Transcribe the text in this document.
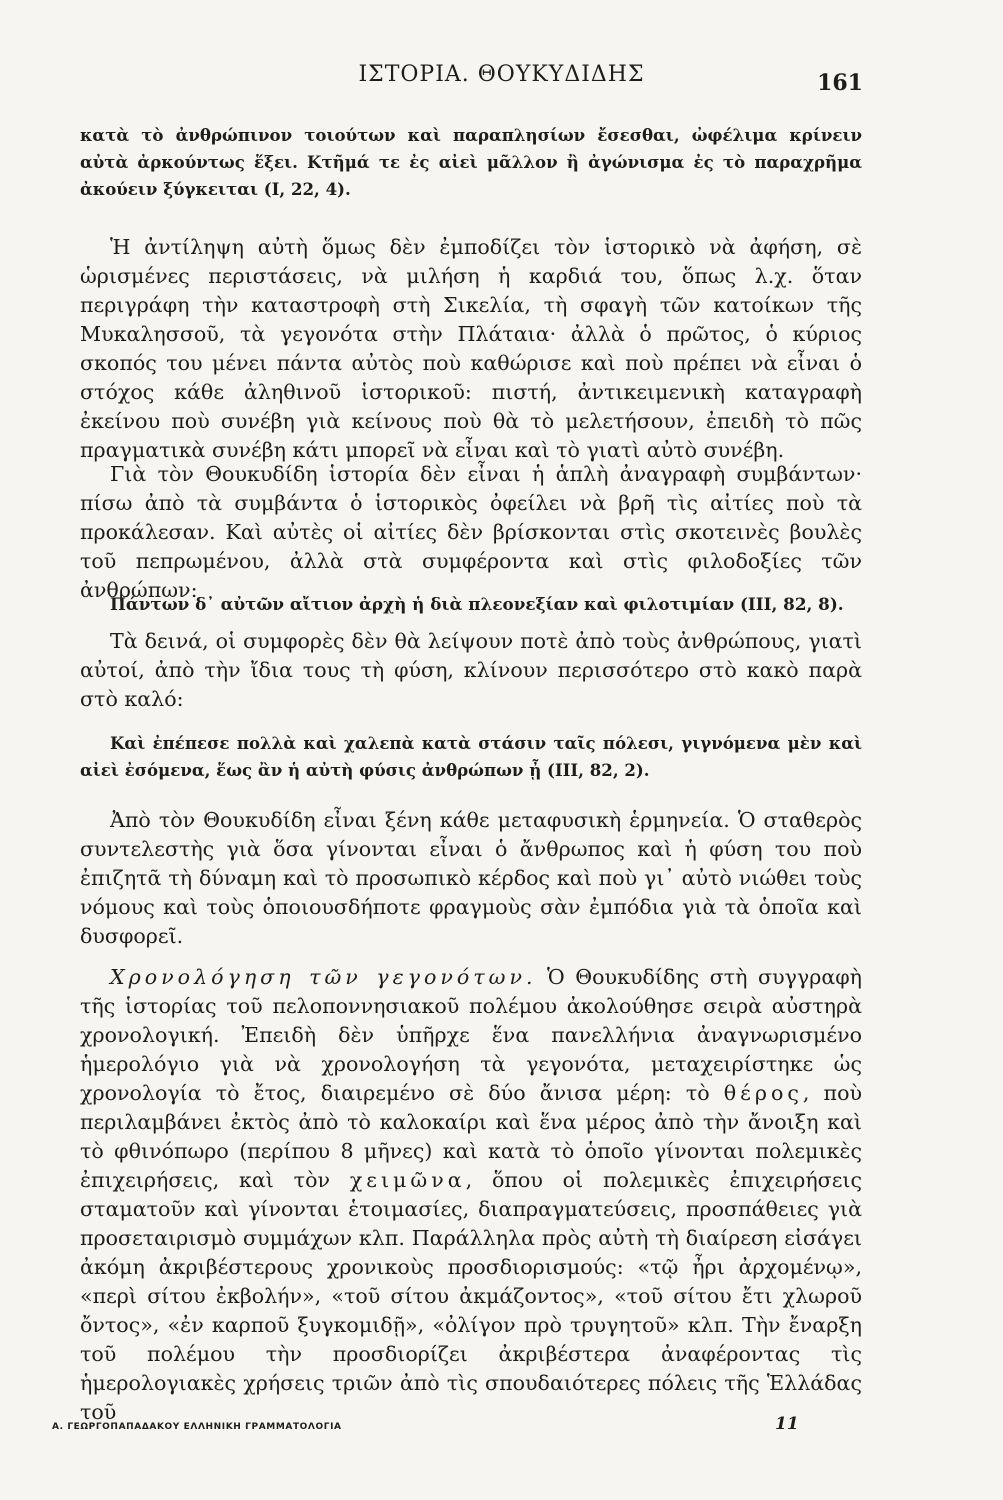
ΙΣΤΟΡΙΑ. ΘΟΥΚΥΔΙΔΗΣ	161
κατὰ τὸ ἀνθρώπινον τοιούτων καὶ παραπλησίων ἔσεσθαι, ὠφέλιμα κρίνειν αὐτὰ ἀρκούντως ἕξει. Κτῆμά τε ἐς αἰεὶ μᾶλλον ἢ ἀγώνισμα ἐς τὸ παραχρῆμα ἀκούειν ξύγκειται (Ι, 22, 4).

Ἡ ἀντίληψη αὐτὴ ὅμως δὲν ἐμποδίζει τὸν ἱστορικὸ νὰ ἀφήση, σὲ ὡρισμένες περιστάσεις, νὰ μιλήση ἡ καρδιά του, ὅπως λ.χ. ὅταν περιγράφη τὴν καταστροφὴ στὴ Σικελία, τὴ σφαγὴ τῶν κατοίκων τῆς Μυκαλησσοῦ, τὰ γεγονότα στὴν Πλάταια· ἀλλὰ ὁ πρῶτος, ὁ κύριος σκοπός του μένει πάντα αὐτὸς ποὺ καθώρισε καὶ ποὺ πρέπει νὰ εἶναι ὁ στόχος κάθε ἀληθινοῦ ἱστορικοῦ: πιστή, ἀντικειμενικὴ καταγραφὴ ἐκείνου ποὺ συνέβη γιὰ κείνους ποὺ θὰ τὸ μελετήσουν, ἐπειδὴ τὸ πῶς πραγματικὰ συνέβη κάτι μπορεῖ νὰ εἶναι καὶ τὸ γιατὶ αὐτὸ συνέβη.

Γιὰ τὸν Θουκυδίδη ἱστορία δὲν εἶναι ἡ ἁπλὴ ἀναγραφὴ συμβάντων· πίσω ἀπὸ τὰ συμβάντα ὁ ἱστορικὸς ὀφείλει νὰ βρῆ τὶς αἰτίες ποὺ τὰ προκάλεσαν. Καὶ αὐτὲς οἱ αἰτίες δὲν βρίσκονται στὶς σκοτεινὲς βουλὲς τοῦ πεπρωμένου, ἀλλὰ στὰ συμφέροντα καὶ στὶς φιλοδοξίες τῶν ἀνθρώπων:

Πάντων δ᾽ αὐτῶν αἴτιον ἀρχὴ ἡ διὰ πλεονεξίαν καὶ φιλοτιμίαν (ΙΙΙ, 82, 8).

Τὰ δεινά, οἱ συμφορὲς δὲν θὰ λείψουν ποτὲ ἀπὸ τοὺς ἀνθρώπους, γιατὶ αὐτοί, ἀπὸ τὴν ἴδια τους τὴ φύση, κλίνουν περισσότερο στὸ κακὸ παρὰ στὸ καλό:

Καὶ ἐπέπεσε πολλὰ καὶ χαλεπὰ κατὰ στάσιν ταῖς πόλεσι, γιγνόμενα μὲν καὶ αἰεὶ ἐσόμενα, ἕως ἂν ἡ αὐτὴ φύσις ἀνθρώπων ᾖ (ΙΙΙ, 82, 2).

Ἀπὸ τὸν Θουκυδίδη εἶναι ξένη κάθε μεταφυσικὴ ἑρμηνεία. Ὁ σταθερὸς συντελεστὴς γιὰ ὅσα γίνονται εἶναι ὁ ἄνθρωπος καὶ ἡ φύση του ποὺ ἐπιζητᾶ τὴ δύναμη καὶ τὸ προσωπικὸ κέρδος καὶ ποὺ γι᾽ αὐτὸ νιώθει τοὺς νόμους καὶ τοὺς ὁποιουσδήποτε φραγμοὺς σὰν ἐμπόδια γιὰ τὰ ὁποῖα καὶ δυσφορεῖ.

Χρονολόγηση τῶν γεγονότων. Ὁ Θουκυδίδης στὴ συγγραφὴ τῆς ἱστορίας τοῦ πελοποννησιακοῦ πολέμου ἀκολούθησε σειρὰ αὐστηρὰ χρονολογική. Ἐπειδὴ δὲν ὑπῆρχε ἕνα πανελλήνια ἀναγνωρισμένο ἡμερολόγιο γιὰ νὰ χρονολογήση τὰ γεγονότα, μεταχειρίστηκε ὡς χρονολογία τὸ ἔτος, διαιρεμένο σὲ δύο ἄνισα μέρη: τὸ θέρος, ποὺ περιλαμβάνει ἐκτὸς ἀπὸ τὸ καλοκαίρι καὶ ἕνα μέρος ἀπὸ τὴν ἄνοιξη καὶ τὸ φθινόπωρο (περίπου 8 μῆνες) καὶ κατὰ τὸ ὁποῖο γίνονται πολεμικὲς ἐπιχειρήσεις, καὶ τὸν χειμῶνα, ὅπου οἱ πολεμικὲς ἐπιχειρήσεις σταματοῦν καὶ γίνονται ἑτοιμασίες, διαπραγματεύσεις, προσπάθειες γιὰ προσεταιρισμὸ συμμάχων κλπ. Παράλληλα πρὸς αὐτὴ τὴ διαίρεση εἰσάγει ἀκόμη ἀκριβέστερους χρονικοὺς προσδιορισμούς: «τῷ ἦρι ἀρχομένῳ», «περὶ σίτου ἐκβολήν», «τοῦ σίτου ἀκμάζοντος», «τοῦ σίτου ἔτι χλωροῦ ὄντος», «ἐν καρποῦ ξυγκομιδῇ», «ὀλίγον πρὸ τρυγητοῦ» κλπ. Τὴν ἔναρξη τοῦ πολέμου τὴν προσδιορίζει ἀκριβέστερα ἀναφέροντας τὶς ἡμερολογιακὲς χρήσεις τριῶν ἀπὸ τὶς σπουδαιότερες πόλεις τῆς Ἑλλάδας τοῦ

Α. ΓΕΩΡΓΟΠΑΠΑΔΑΚΟΥ ΕΛΛΗΝΙΚΗ ΓΡΑΜΜΑΤΟΛΟΓΙΑ	11
